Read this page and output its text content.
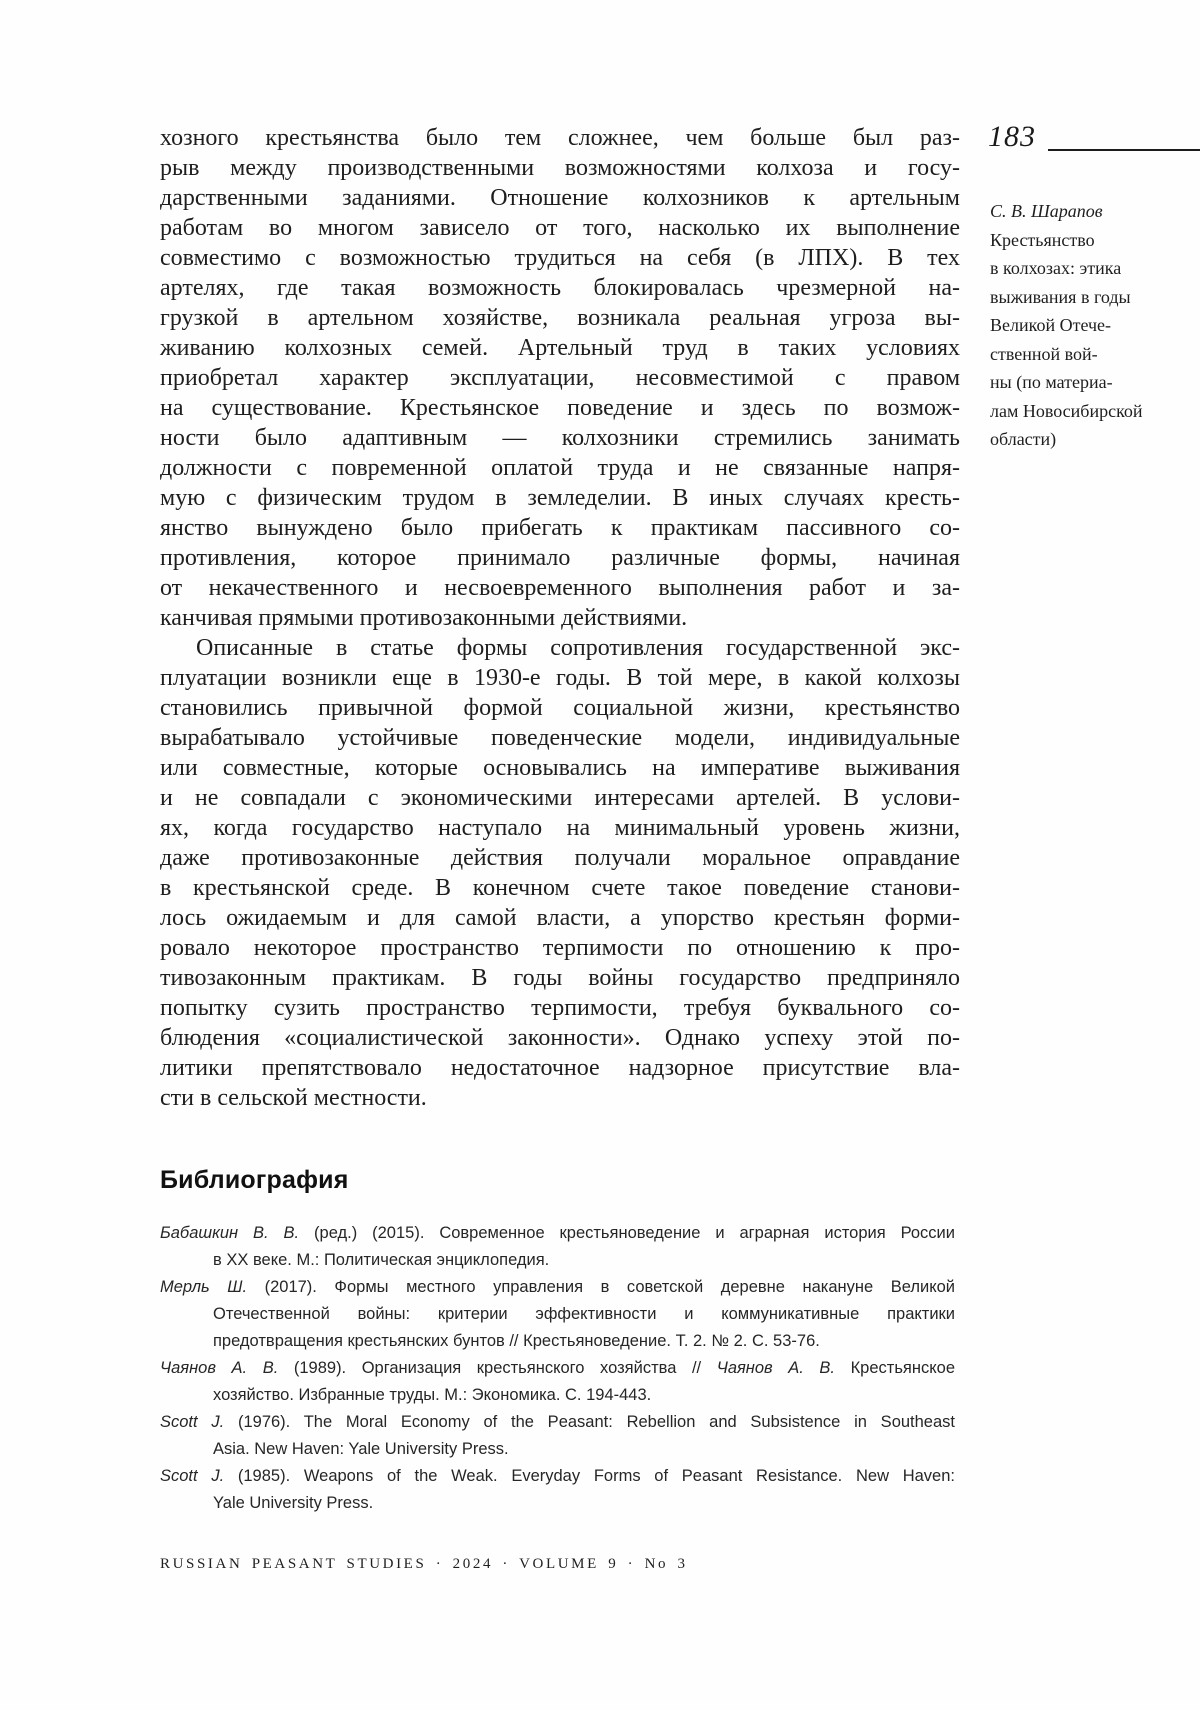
хозного крестьянства было тем сложнее, чем больше был раз-
рыв между производственными возможностями колхоза и госу-
дарственными заданиями. Отношение колхозников к артельным
работам во многом зависело от того, насколько их выполнение
совместимо с возможностью трудиться на себя (в ЛПХ). В тех
артелях, где такая возможность блокировалась чрезмерной на-
грузкой в артельном хозяйстве, возникала реальная угроза вы-
живанию колхозных семей. Артельный труд в таких условиях
приобретал характер эксплуатации, несовместимой с правом
на существование. Крестьянское поведение и здесь по возмож-
ности было адаптивным — колхозники стремились занимать
должности с повременной оплатой труда и не связанные напря-
мую с физическим трудом в земледелии. В иных случаях кресть-
янство вынуждено было прибегать к практикам пассивного со-
противления, которое принимало различные формы, начиная
от некачественного и несвоевременного выполнения работ и за-
канчивая прямыми противозаконными действиями.
Описанные в статье формы сопротивления государственной экс-
плуатации возникли еще в 1930-е годы. В той мере, в какой колхозы
становились привычной формой социальной жизни, крестьянство
вырабатывало устойчивые поведенческие модели, индивидуальные
или совместные, которые основывались на императиве выживания
и не совпадали с экономическими интересами артелей. В услови-
ях, когда государство наступало на минимальный уровень жизни,
даже противозаконные действия получали моральное оправдание
в крестьянской среде. В конечном счете такое поведение станови-
лось ожидаемым и для самой власти, а упорство крестьян форми-
ровало некоторое пространство терпимости по отношению к про-
тивозаконным практикам. В годы войны государство предприняло
попытку сузить пространство терпимости, требуя буквального со-
блюдения «социалистической законности». Однако успеху этой по-
литики препятствовало недостаточное надзорное присутствие вла-
сти в сельской местности.
183
С. В. Шарапов
Крестьянство
в колхозах: этика
выживания в годы
Великой Отече-
ственной вой-
ны (по материа-
лам Новосибирской
области)
Библиография
Бабашкин В. В. (ред.) (2015). Современное крестьяноведение и аграрная история России
в XX веке. М.: Политическая энциклопедия.
Мерль Ш. (2017). Формы местного управления в советской деревне накануне Великой
Отечественной войны: критерии эффективности и коммуникативные практики
предотвращения крестьянских бунтов // Крестьяноведение. Т. 2. № 2. С. 53-76.
Чаянов А. В. (1989). Организация крестьянского хозяйства // Чаянов А. В. Крестьянское
хозяйство. Избранные труды. М.: Экономика. С. 194-443.
Scott J. (1976). The Moral Economy of the Peasant: Rebellion and Subsistence in Southeast
Asia. New Haven: Yale University Press.
Scott J. (1985). Weapons of the Weak. Everyday Forms of Peasant Resistance. New Haven:
Yale University Press.
RUSSIAN PEASANT STUDIES · 2024 · VOLUME 9 · No 3
